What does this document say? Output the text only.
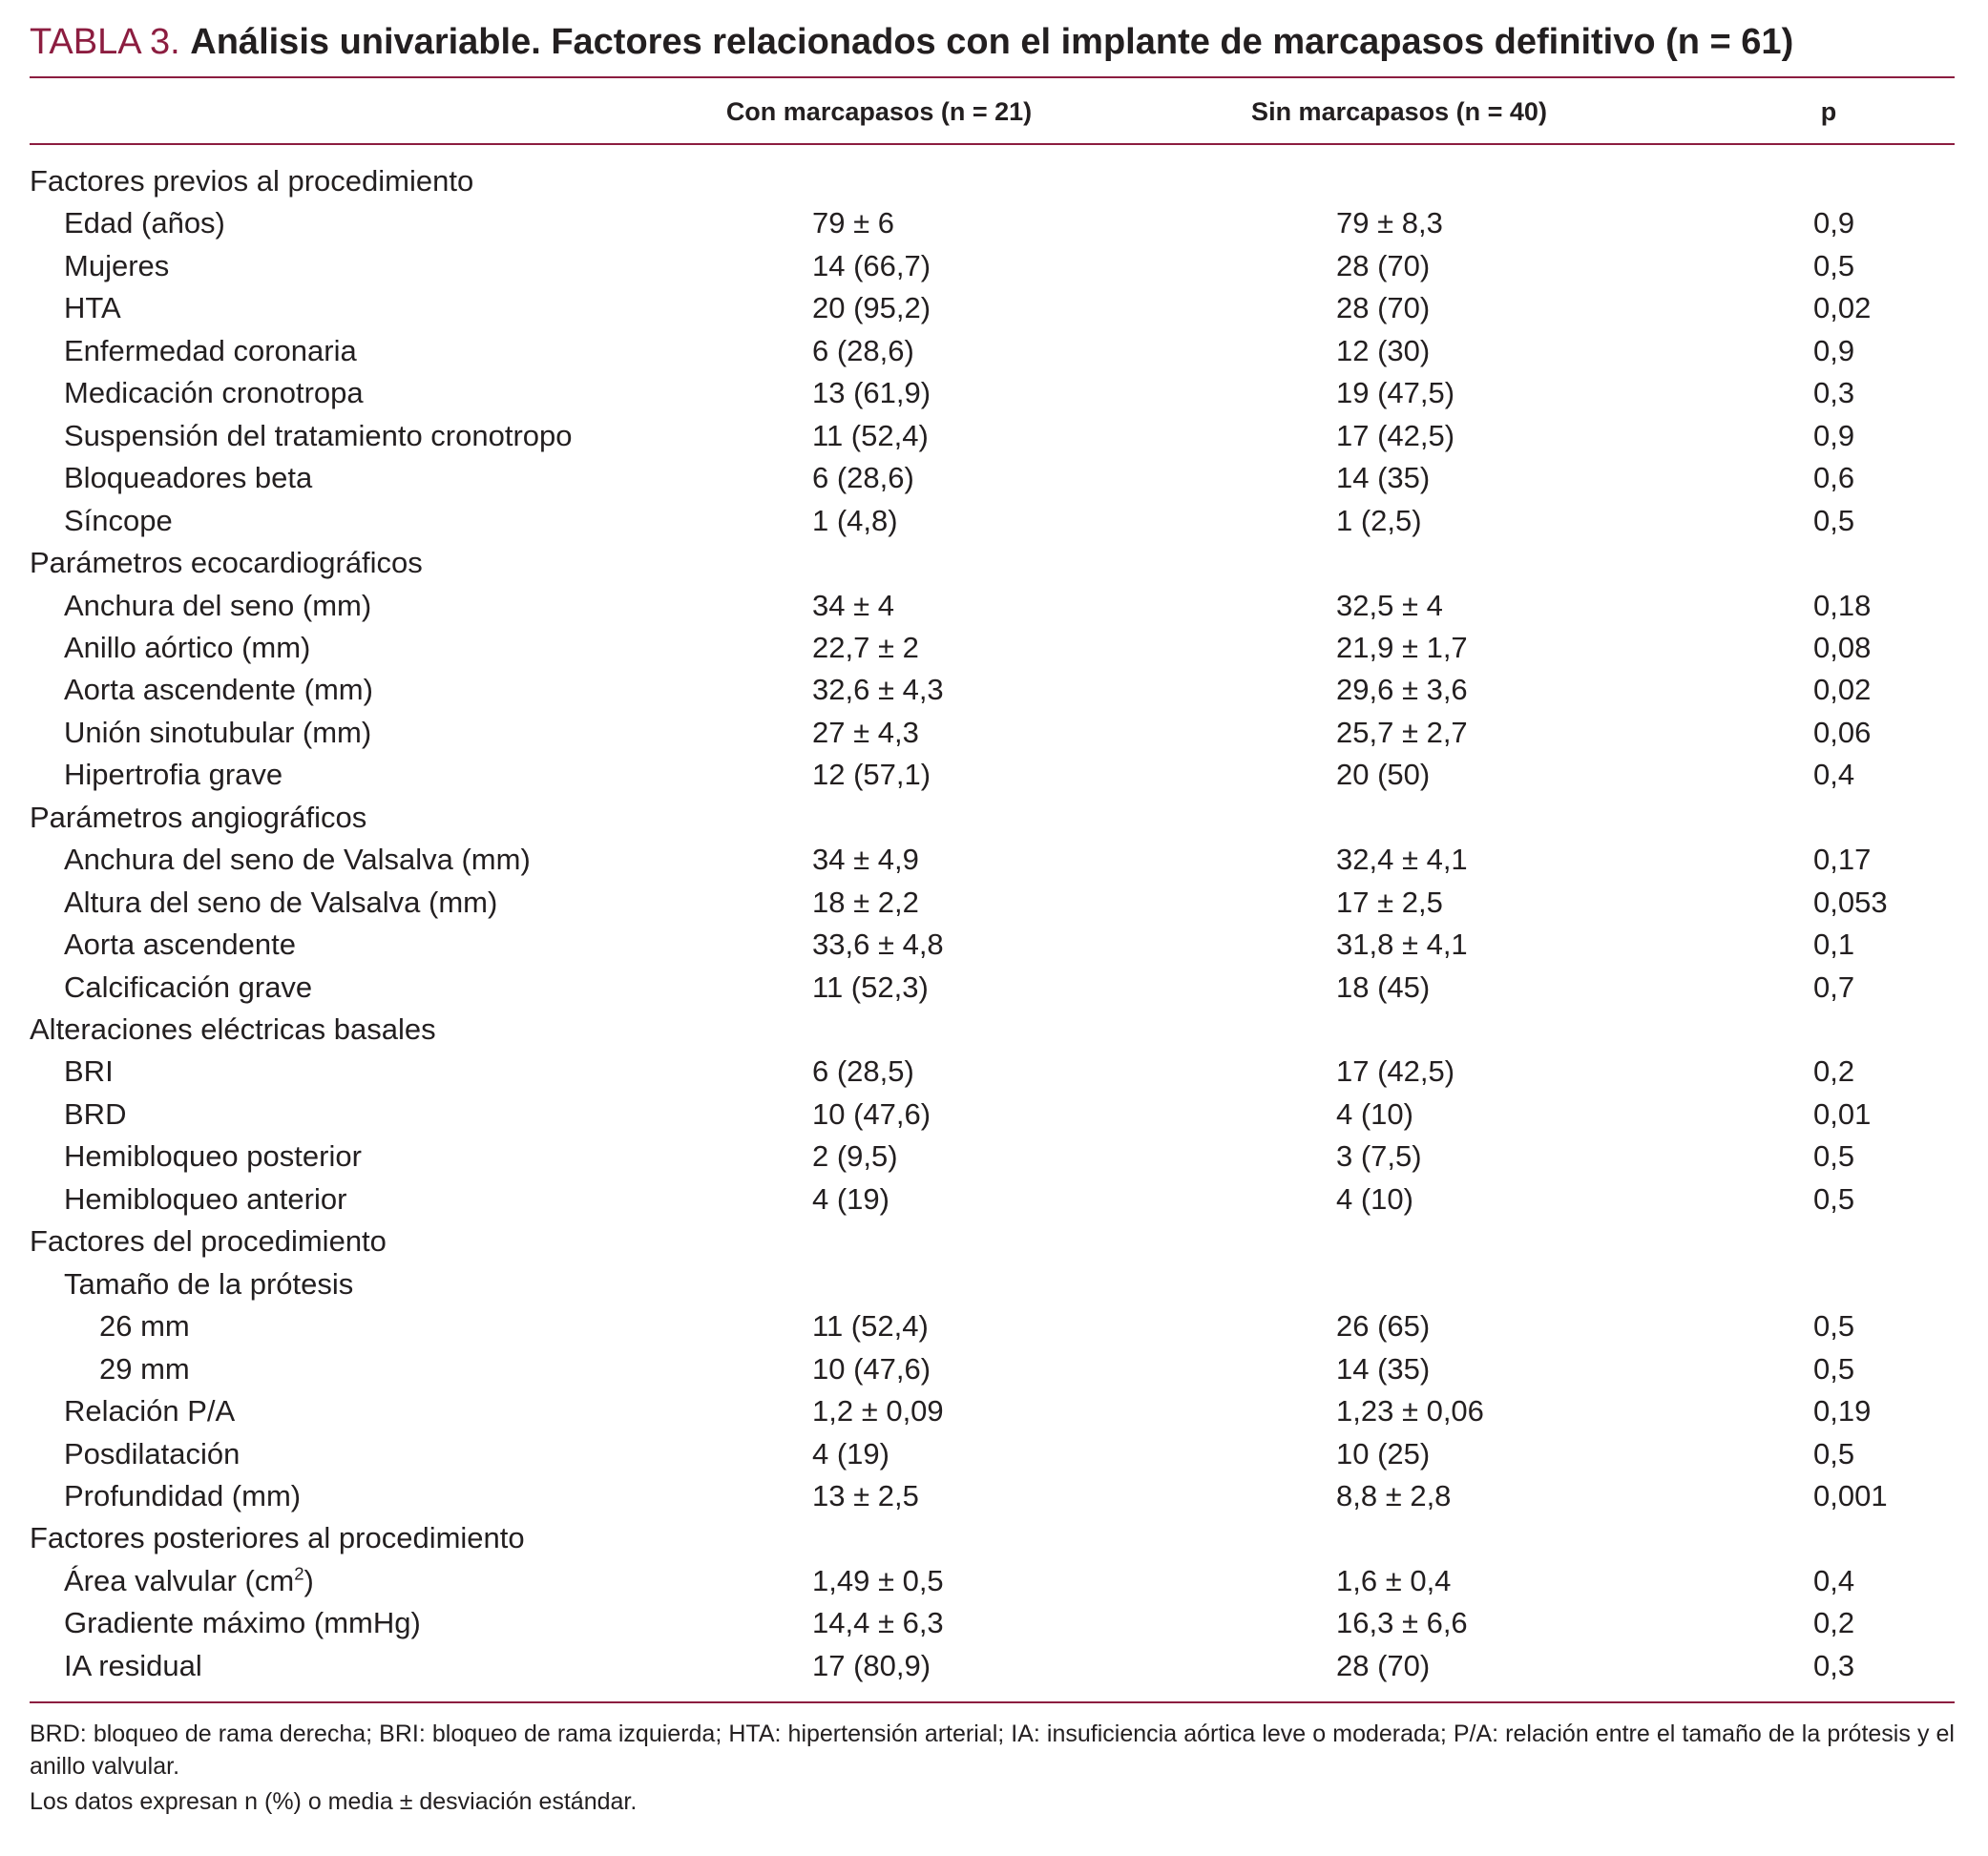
TABLA 3. Análisis univariable. Factores relacionados con el implante de marcapasos definitivo (n = 61)
Con marcapasos (n = 21)	Sin marcapasos (n = 40)	p
Factores previos al procedimiento
Edad (años)	79 ± 6	79 ± 8,3	0,9
Mujeres	14 (66,7)	28 (70)	0,5
HTA	20 (95,2)	28 (70)	0,02
Enfermedad coronaria	6 (28,6)	12 (30)	0,9
Medicación cronotropa	13 (61,9)	19 (47,5)	0,3
Suspensión del tratamiento cronotropo	11 (52,4)	17 (42,5)	0,9
Bloqueadores beta	6 (28,6)	14 (35)	0,6
Síncope	1 (4,8)	1 (2,5)	0,5
Parámetros ecocardiográficos
Anchura del seno (mm)	34 ± 4	32,5 ± 4	0,18
Anillo aórtico (mm)	22,7 ± 2	21,9 ± 1,7	0,08
Aorta ascendente (mm)	32,6 ± 4,3	29,6 ± 3,6	0,02
Unión sinotubular (mm)	27 ± 4,3	25,7 ± 2,7	0,06
Hipertrofia grave	12 (57,1)	20 (50)	0,4
Parámetros angiográficos
Anchura del seno de Valsalva (mm)	34 ± 4,9	32,4 ± 4,1	0,17
Altura del seno de Valsalva (mm)	18 ± 2,2	17 ± 2,5	0,053
Aorta ascendente	33,6 ± 4,8	31,8 ± 4,1	0,1
Calcificación grave	11 (52,3)	18 (45)	0,7
Alteraciones eléctricas basales
BRI	6 (28,5)	17 (42,5)	0,2
BRD	10 (47,6)	4 (10)	0,01
Hemibloqueo posterior	2 (9,5)	3 (7,5)	0,5
Hemibloqueo anterior	4 (19)	4 (10)	0,5
Factores del procedimiento
Tamaño de la prótesis
26 mm	11 (52,4)	26 (65)	0,5
29 mm	10 (47,6)	14 (35)	0,5
Relación P/A	1,2 ± 0,09	1,23 ± 0,06	0,19
Posdilatación	4 (19)	10 (25)	0,5
Profundidad (mm)	13 ± 2,5	8,8 ± 2,8	0,001
Factores posteriores al procedimiento
Área valvular $(cm^2)$	1,49 ± 0,5	1,6 ± 0,4	0,4
Gradiente máximo (mmHg)	14,4 ± 6,3	16,3 ± 6,6	0,2
IA residual	17 (80,9)	28 (70)	0,3
BRD: bloqueo de rama derecha; BRI: bloqueo de rama izquierda; HTA: hipertensión arterial; IA: insuficiencia aórtica leve o moderada; P/A: relación entre el tamaño de la prótesis y el anillo valvular.
Los datos expresan n (%) o media ± desviación estándar.
